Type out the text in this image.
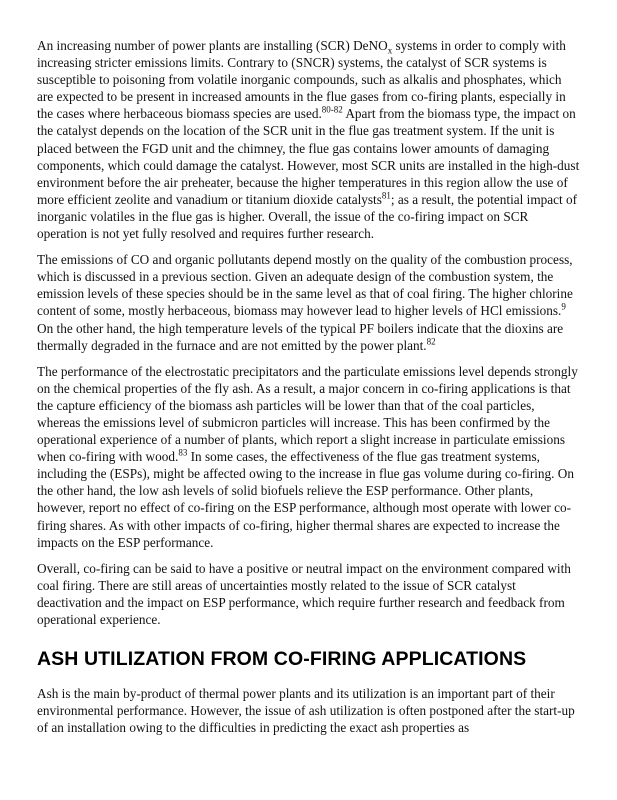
An increasing number of power plants are installing (SCR) DeNO$_x$ systems in order to comply with increasing stricter emissions limits. Contrary to (SNCR) systems, the catalyst of SCR systems is susceptible to poisoning from volatile inorganic compounds, such as alkalis and phosphates, which are expected to be present in increased amounts in the flue gases from co-firing plants, especially in the cases where herbaceous biomass species are used.$^{80-82}$ Apart from the biomass type, the impact on the catalyst depends on the location of the SCR unit in the flue gas treatment system. If the unit is placed between the FGD unit and the chimney, the flue gas contains lower amounts of damaging components, which could damage the catalyst. However, most SCR units are installed in the high-dust environment before the air preheater, because the higher temperatures in this region allow the use of more efficient zeolite and vanadium or titanium dioxide catalysts$^{81}$; as a result, the potential impact of inorganic volatiles in the flue gas is higher. Overall, the issue of the co-firing impact on SCR operation is not yet fully resolved and requires further research.

The emissions of CO and organic pollutants depend mostly on the quality of the combustion process, which is discussed in a previous section. Given an adequate design of the combustion system, the emission levels of these species should be in the same level as that of coal firing. The higher chlorine content of some, mostly herbaceous, biomass may however lead to higher levels of HCl emissions.$^9$ On the other hand, the high temperature levels of the typical PF boilers indicate that the dioxins are thermally degraded in the furnace and are not emitted by the power plant.$^{82}$

The performance of the electrostatic precipitators and the particulate emissions level depends strongly on the chemical properties of the fly ash. As a result, a major concern in co-firing applications is that the capture efficiency of the biomass ash particles will be lower than that of the coal particles, whereas the emissions level of submicron particles will increase. This has been confirmed by the operational experience of a number of plants, which report a slight increase in particulate emissions when co-firing with wood.$^{83}$ In some cases, the effectiveness of the flue gas treatment systems, including the (ESPs), might be affected owing to the increase in flue gas volume during co-firing. On the other hand, the low ash levels of solid biofuels relieve the ESP performance. Other plants, however, report no effect of co-firing on the ESP performance, although most operate with lower co-firing shares. As with other impacts of co-firing, higher thermal shares are expected to increase the impacts on the ESP performance.

Overall, co-firing can be said to have a positive or neutral impact on the environment compared with coal firing. There are still areas of uncertainties mostly related to the issue of SCR catalyst deactivation and the impact on ESP performance, which require further research and feedback from operational experience.

ASH UTILIZATION FROM CO-FIRING APPLICATIONS

Ash is the main by-product of thermal power plants and its utilization is an important part of their environmental performance. However, the issue of ash utilization is often postponed after the start-up of an installation owing to the difficulties in predicting the exact ash properties as
